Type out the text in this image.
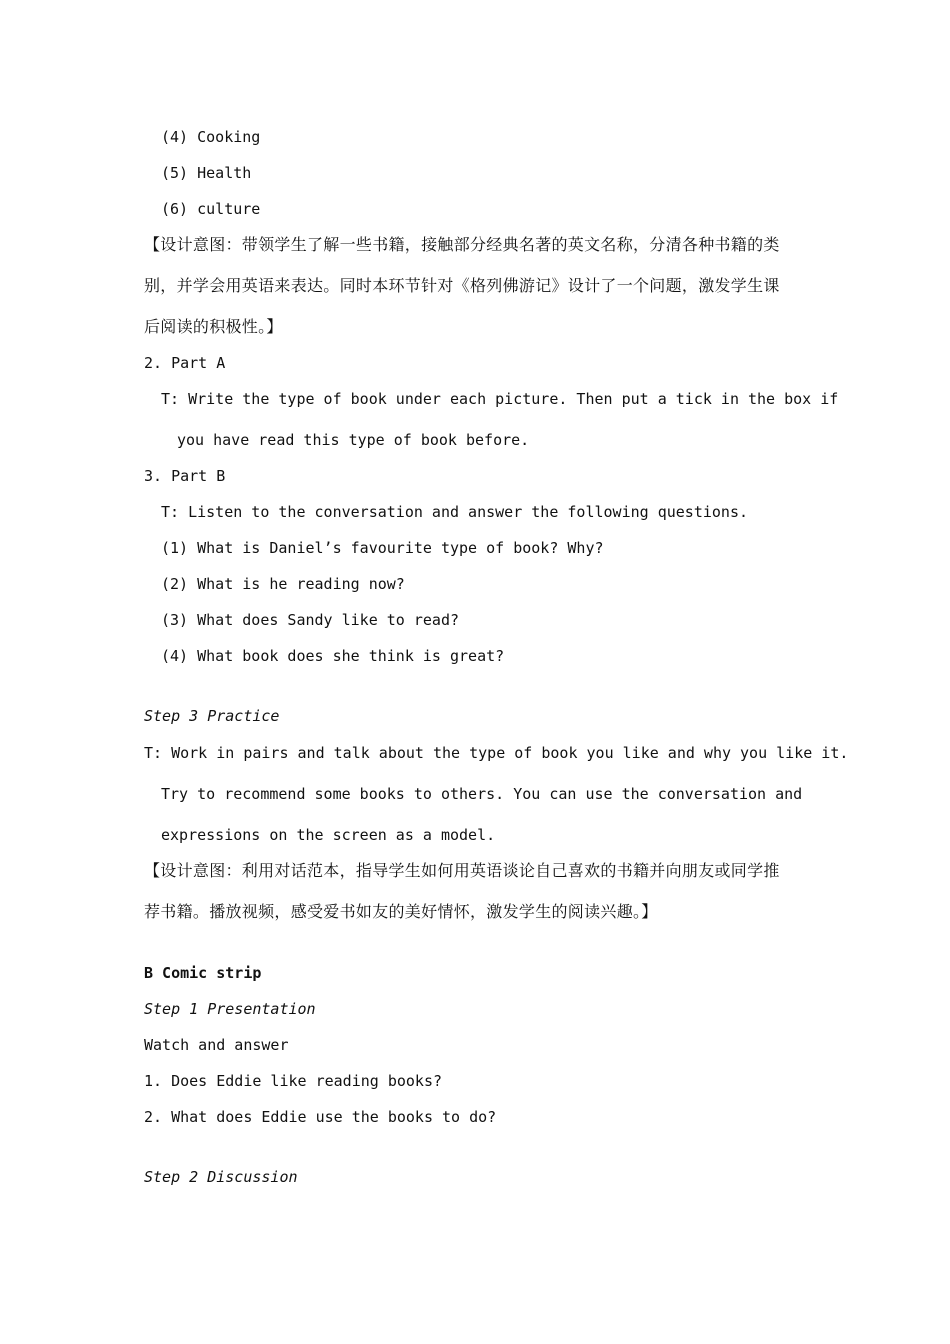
(4) Cooking
(5) Health
(6) culture
【设计意图：带领学生了解一些书籍，接触部分经典名著的英文名称，分清各种书籍的类
别，并学会用英语来表达。同时本环节针对《格列佛游记》设计了一个问题，激发学生课
后阅读的积极性。】
2. Part A
T: Write the type of book under each picture. Then put a tick in the box if
you have read this type of book before.
3. Part B
T: Listen to the conversation and answer the following questions.
(1) What is Daniel’s favourite type of book? Why?
(2) What is he reading now?
(3) What does Sandy like to read?
(4) What book does she think is great?
Step 3 Practice
T: Work in pairs and talk about the type of book you like and why you like it.
Try to recommend some books to others. You can use the conversation and
expressions on the screen as a model.
【设计意图：利用对话范本，指导学生如何用英语谈论自己喜欢的书籍并向朋友或同学推
荐书籍。播放视频，感受爱书如友的美好情怀，激发学生的阅读兴趣。】
B Comic strip
Step 1 Presentation
Watch and answer
1. Does Eddie like reading books?
2. What does Eddie use the books to do?
Step 2 Discussion
